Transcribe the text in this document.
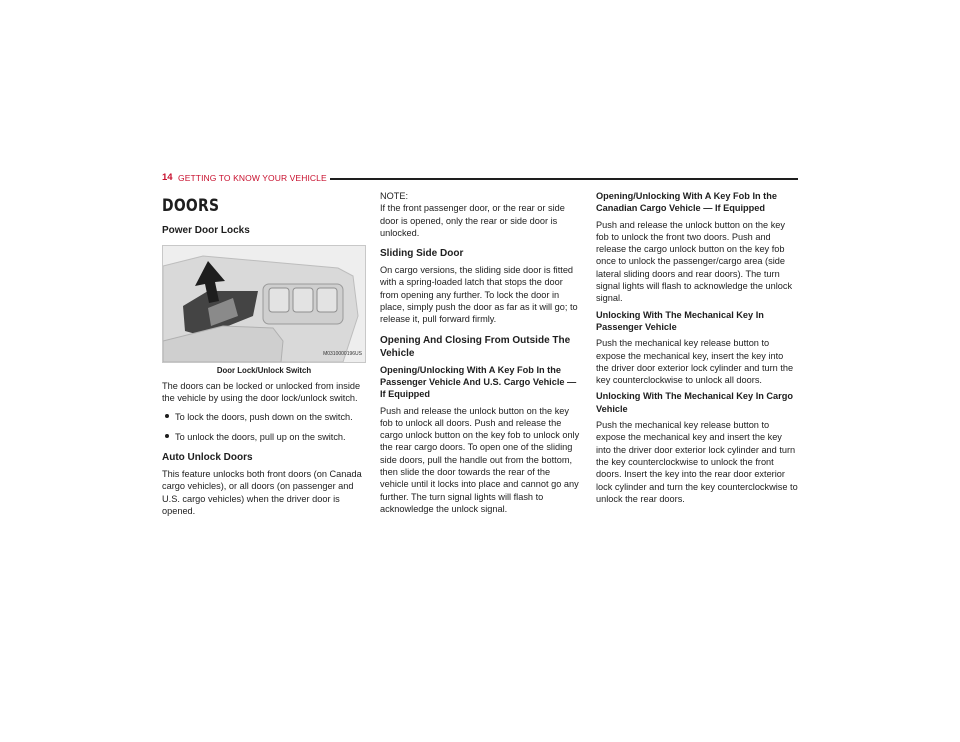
14 GETTING TO KNOW YOUR VEHICLE
DOORS
Power Door Locks
M0310000196US
Door Lock/Unlock Switch

The doors can be locked or unlocked from inside the vehicle by using the door lock/unlock switch.

To lock the doors, push down on the switch.
To unlock the doors, pull up on the switch.
Auto Unlock Doors

This feature unlocks both front doors (on Canada cargo vehicles), or all doors (on passenger and U.S. cargo vehicles) when the driver door is opened.

NOTE:

If the front passenger door, or the rear or side door is opened, only the rear or side door is unlocked.

Sliding Side Door

On cargo versions, the sliding side door is fitted with a spring-loaded latch that stops the door from opening any further. To lock the door in place, simply push the door as far as it will go; to release it, pull forward firmly.

Opening And Closing From Outside The Vehicle
Opening/Unlocking With A Key Fob In the Passenger Vehicle And U.S. Cargo Vehicle — If Equipped

Push and release the unlock button on the key fob to unlock all doors. Push and release the cargo unlock button on the key fob to unlock only the rear cargo doors. To open one of the sliding side doors, pull the handle out from the bottom, then slide the door towards the rear of the vehicle until it locks into place and cannot go any further. The turn signal lights will flash to acknowledge the unlock signal.

Opening/Unlocking With A Key Fob In the Canadian Cargo Vehicle — If Equipped

Push and release the unlock button on the key fob to unlock the front two doors. Push and release the cargo unlock button on the key fob once to unlock the passenger/cargo area (side lateral sliding doors and rear doors). The turn signal lights will flash to acknowledge the unlock signal.

Unlocking With The Mechanical Key In Passenger Vehicle

Push the mechanical key release button to expose the mechanical key, insert the key into the driver door exterior lock cylinder and turn the key counterclockwise to unlock all doors.

Unlocking With The Mechanical Key In Cargo Vehicle

Push the mechanical key release button to expose the mechanical key and insert the key into the driver door exterior lock cylinder and turn the key counterclockwise to unlock the front doors. Insert the key into the rear door exterior lock cylinder and turn the key counterclockwise to unlock the rear doors.
